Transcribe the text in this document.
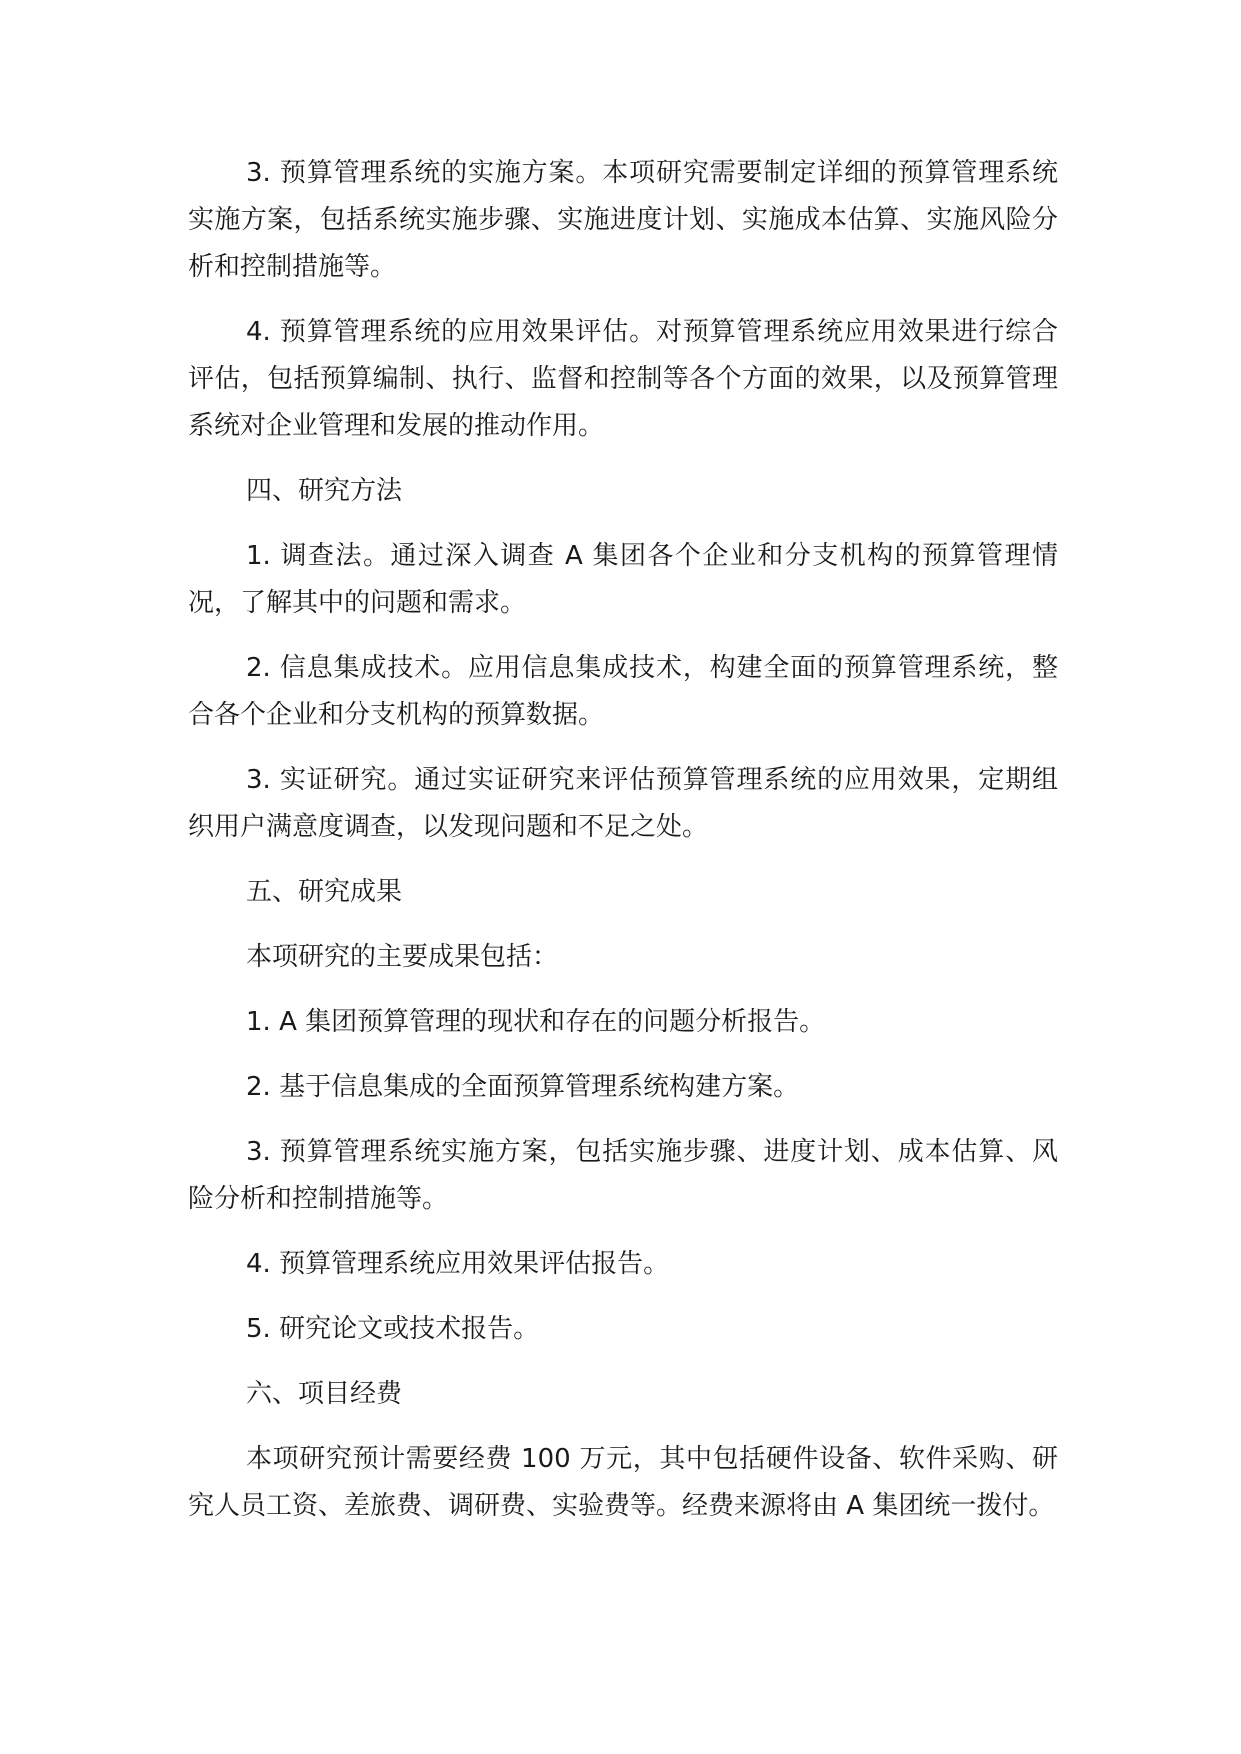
3. 预算管理系统的实施方案。本项研究需要制定详细的预算管理系统实施方案，包括系统实施步骤、实施进度计划、实施成本估算、实施风险分析和控制措施等。

4. 预算管理系统的应用效果评估。对预算管理系统应用效果进行综合评估，包括预算编制、执行、监督和控制等各个方面的效果，以及预算管理系统对企业管理和发展的推动作用。

四、研究方法

1. 调查法。通过深入调查 A 集团各个企业和分支机构的预算管理情况，了解其中的问题和需求。

2. 信息集成技术。应用信息集成技术，构建全面的预算管理系统，整合各个企业和分支机构的预算数据。

3. 实证研究。通过实证研究来评估预算管理系统的应用效果，定期组织用户满意度调查，以发现问题和不足之处。

五、研究成果

本项研究的主要成果包括：

1. A 集团预算管理的现状和存在的问题分析报告。

2. 基于信息集成的全面预算管理系统构建方案。

3. 预算管理系统实施方案，包括实施步骤、进度计划、成本估算、风险分析和控制措施等。

4. 预算管理系统应用效果评估报告。

5. 研究论文或技术报告。

六、项目经费

本项研究预计需要经费 100 万元，其中包括硬件设备、软件采购、研究人员工资、差旅费、调研费、实验费等。经费来源将由 A 集团统一拨付。
